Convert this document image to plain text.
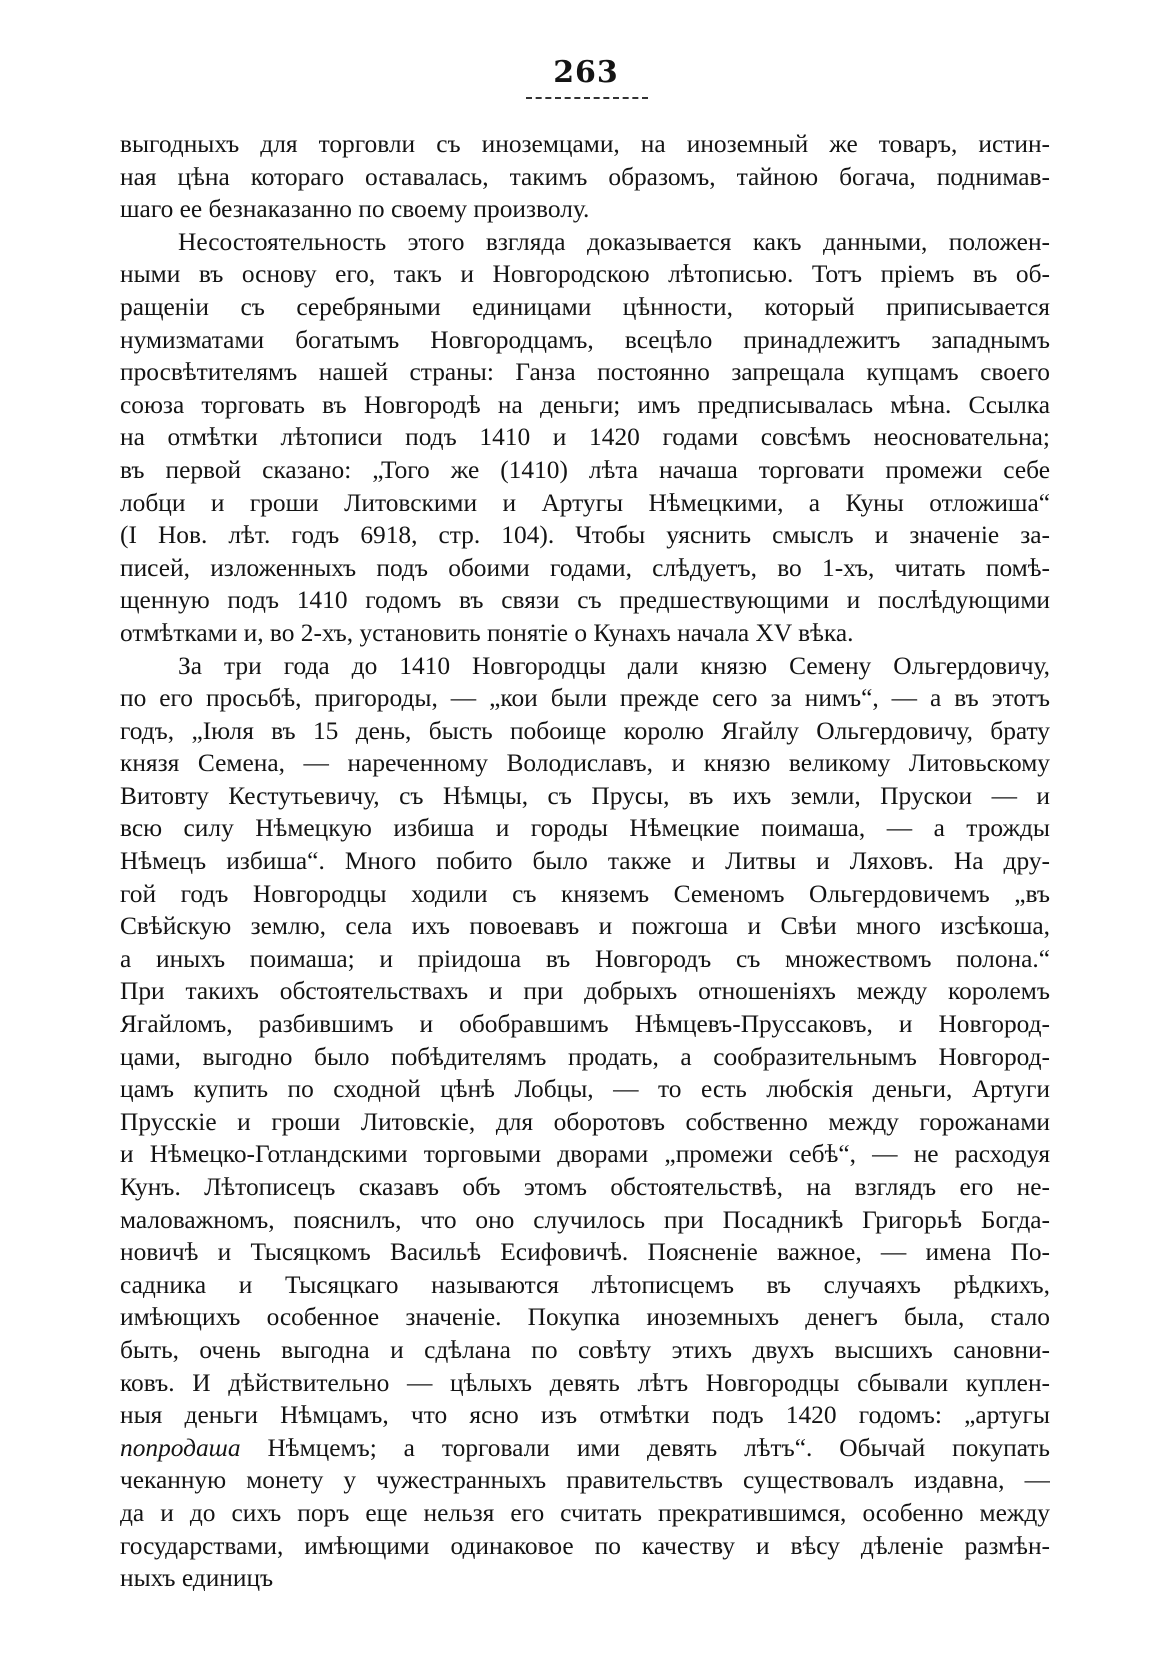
263
выгодныхъ для торговли съ иноземцами, на иноземный же товаръ, истин-
ная цѣна котораго оставалась, такимъ образомъ, тайною богача, поднимав-
шаго ее безнаказанно по своему произволу.
Несостоятельность этого взгляда доказывается какъ данными, положен-
ными въ основу его, такъ и Новгородскою лѣтописью. Тотъ пріемъ въ об-
ращеніи съ серебряными единицами цѣнности, который приписывается
нумизматами богатымъ Новгородцамъ, всецѣло принадлежитъ западнымъ
просвѣтителямъ нашей страны: Ганза постоянно запрещала купцамъ своего
союза торговать въ Новгородѣ на деньги; имъ предписывалась мѣна. Ссылка
на отмѣтки лѣтописи подъ 1410 и 1420 годами совсѣмъ неосновательна;
въ первой сказано: „Того же (1410) лѣта начаша торговати промежи себе
лобци и гроши Литовскими и Артугы Нѣмецкими, а Куны отложиша“
(I Нов. лѣт. годъ 6918, стр. 104). Чтобы уяснить смыслъ и значеніе за-
писей, изложенныхъ подъ обоими годами, слѣдуетъ, во 1-хъ, читать помѣ-
щенную подъ 1410 годомъ въ связи съ предшествующими и послѣдующими
отмѣтками и, во 2-хъ, установить понятіе о Кунахъ начала XV вѣка.
За три года до 1410 Новгородцы дали князю Семену Ольгердовичу,
по его просьбѣ, пригороды, — „кои были прежде сего за нимъ“, — а въ этотъ
годъ, „Іюля въ 15 день, бысть побоище королю Ягайлу Ольгердовичу, брату
князя Семена, — нареченному Володиславъ, и князю великому Литовьскому
Витовту Кестутьевичу, съ Нѣмцы, съ Прусы, въ ихъ земли, Прускои — и
всю силу Нѣмецкую избиша и городы Нѣмецкие поимаша, — а трожды
Нѣмецъ избиша“. Много побито было также и Литвы и Ляховъ. На дру-
гой годъ Новгородцы ходили съ княземъ Семеномъ Ольгердовичемъ „въ
Свѣйскую землю, села ихъ повоевавъ и пожгоша и Свѣи много изсѣкоша,
а иныхъ поимаша; и пріидоша въ Новгородъ съ множествомъ полона.“
При такихъ обстоятельствахъ и при добрыхъ отношеніяхъ между королемъ
Ягайломъ, разбившимъ и обобравшимъ Нѣмцевъ-Пруссаковъ, и Новгород-
цами, выгодно было побѣдителямъ продать, а сообразительнымъ Новгород-
цамъ купить по сходной цѣнѣ Лобцы, — то есть любскія деньги, Артуги
Прусскіе и гроши Литовскіе, для оборотовъ собственно между горожанами
и Нѣмецко-Готландскими торговыми дворами „промежи себѣ“, — не расходуя
Кунъ. Лѣтописецъ сказавъ объ этомъ обстоятельствѣ, на взглядъ его не-
маловажномъ, пояснилъ, что оно случилось при Посадникѣ Григорьѣ Богда-
новичѣ и Тысяцкомъ Васильѣ Есифовичѣ. Поясненіе важное, — имена По-
садника и Тысяцкаго называются лѣтописцемъ въ случаяхъ рѣдкихъ,
имѣющихъ особенное значеніе. Покупка иноземныхъ денегъ была, стало
быть, очень выгодна и сдѣлана по совѣту этихъ двухъ высшихъ сановни-
ковъ. И дѣйствительно — цѣлыхъ девять лѣтъ Новгородцы сбывали куплен-
ныя деньги Нѣмцамъ, что ясно изъ отмѣтки подъ 1420 годомъ: „артугы
попродаша Нѣмцемъ; а торговали ими девять лѣтъ“. Обычай покупать
чеканную монету у чужестранныхъ правительствъ существовалъ издавна, —
да и до сихъ поръ еще нельзя его считать прекратившимся, особенно между
государствами, имѣющими одинаковое по качеству и вѣсу дѣленіе размѣн-
ныхъ единицъ
